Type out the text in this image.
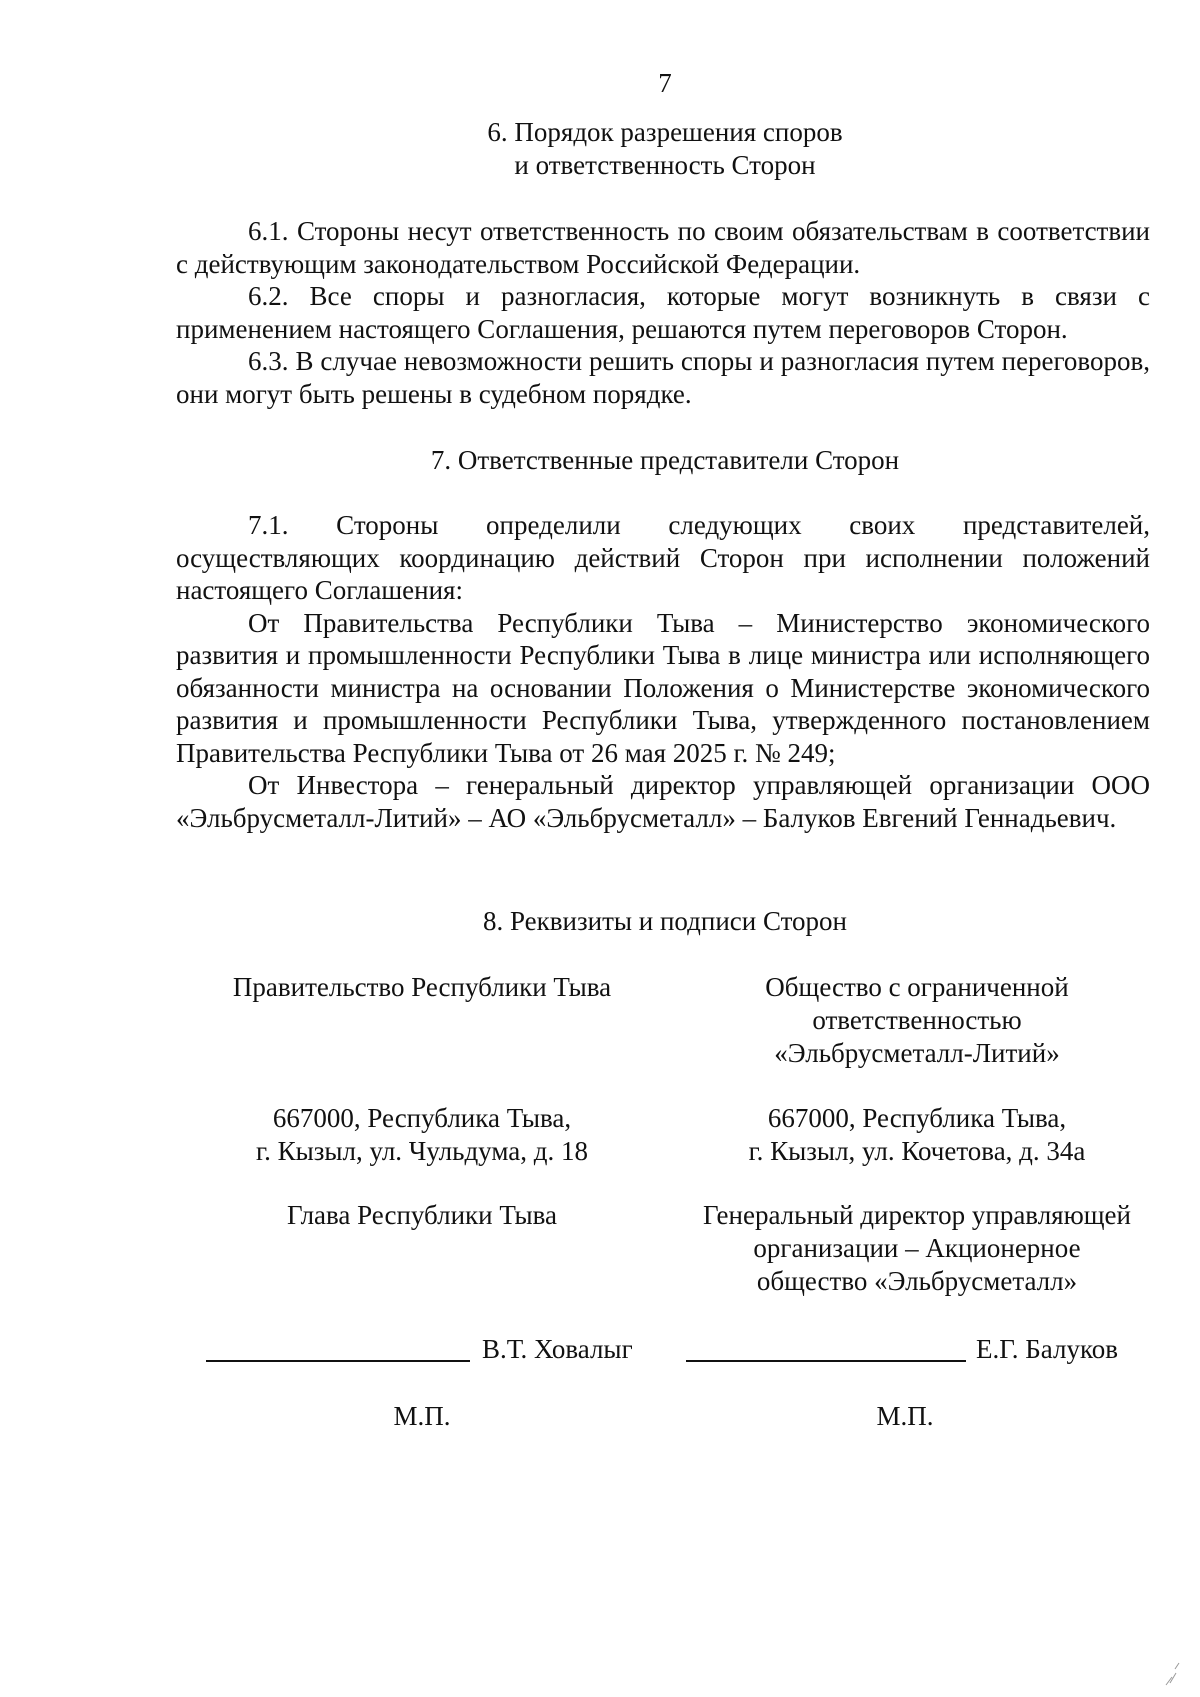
7
6. Порядок разрешения споров
и ответственность Сторон

6.1. Стороны несут ответственность по своим обязательствам в соответствии с действующим законодательством Российской Федерации.

6.2. Все споры и разногласия, которые могут возникнуть в связи с применением настоящего Соглашения, решаются путем переговоров Сторон.

6.3. В случае невозможности решить споры и разногласия путем переговоров, они могут быть решены в судебном порядке.

7. Ответственные представители Сторон

7.1. Стороны определили следующих своих представителей, осуществляющих координацию действий Сторон при исполнении положений настоящего Соглашения:

От Правительства Республики Тыва – Министерство экономического развития и промышленности Республики Тыва в лице министра или исполняющего обязанности министра на основании Положения о Министерстве экономического развития и промышленности Республики Тыва, утвержденного постановлением Правительства Республики Тыва от 26 мая 2025 г. № 249;

От Инвестора – генеральный директор управляющей организации ООО «Эльбрусметалл-Литий» – АО «Эльбрусметалл» – Балуков Евгений Геннадьевич.

8. Реквизиты и подписи Сторон
Правительство Республики Тыва
667000, Республика Тыва,
г. Кызыл, ул. Чульдума, д. 18
Глава Республики Тыва
Общество с ограниченной
ответственностью
«Эльбрусметалл-Литий»
667000, Республика Тыва,
г. Кызыл, ул. Кочетова, д. 34а
Генеральный директор управляющей
организации – Акционерное
общество «Эльбрусметалл»
В.Т. Ховалыг	Е.Г. Балуков
М.П.	М.П.
